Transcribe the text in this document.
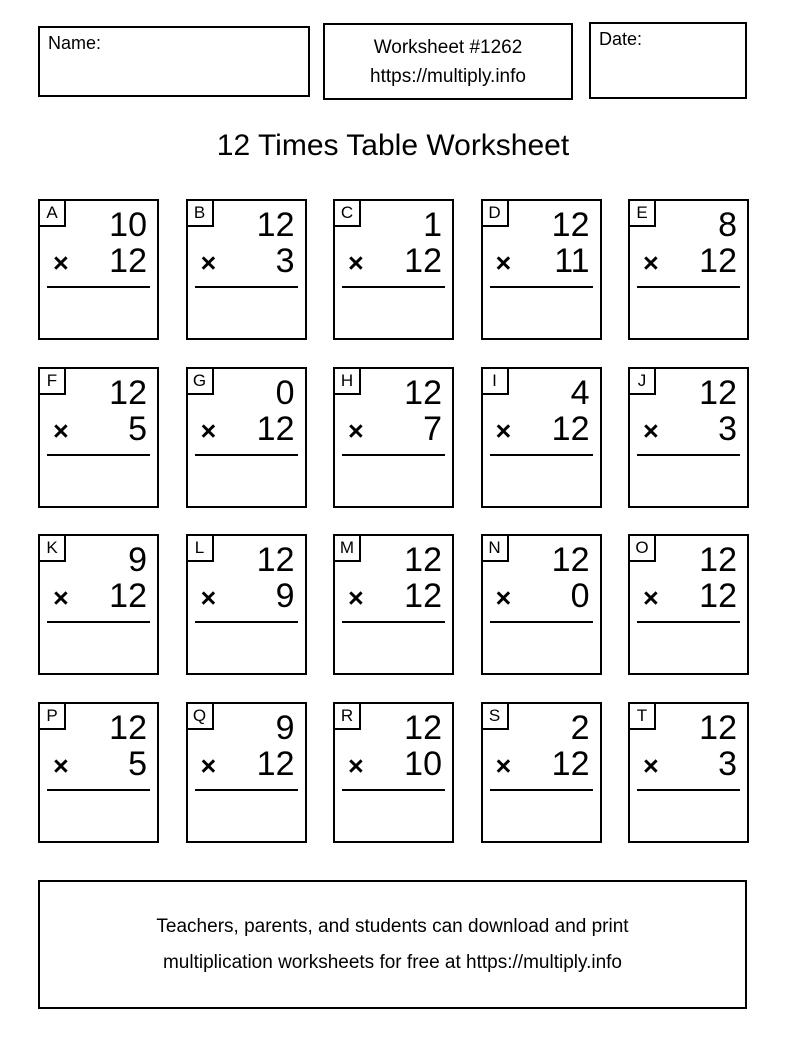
Name:	Worksheet #1262
https://multiply.info
Date:
12 Times Table Worksheet
A	10
× 12
B	12
× 3
C	1
× 12
D	12
× 11
E	8
× 12
F	12
× 5
G	0
× 12
H	12
× 7
I	4
× 12
J	12
× 3
K	9
× 12
L	12
× 9
M	12
× 12
N	12
× 0
O	12
× 12
P	12
× 5
Q	9
× 12
R	12
× 10
S	2
× 12
T	12
× 3
Teachers, parents, and students can download and print
multiplication worksheets for free at https://multiply.info
